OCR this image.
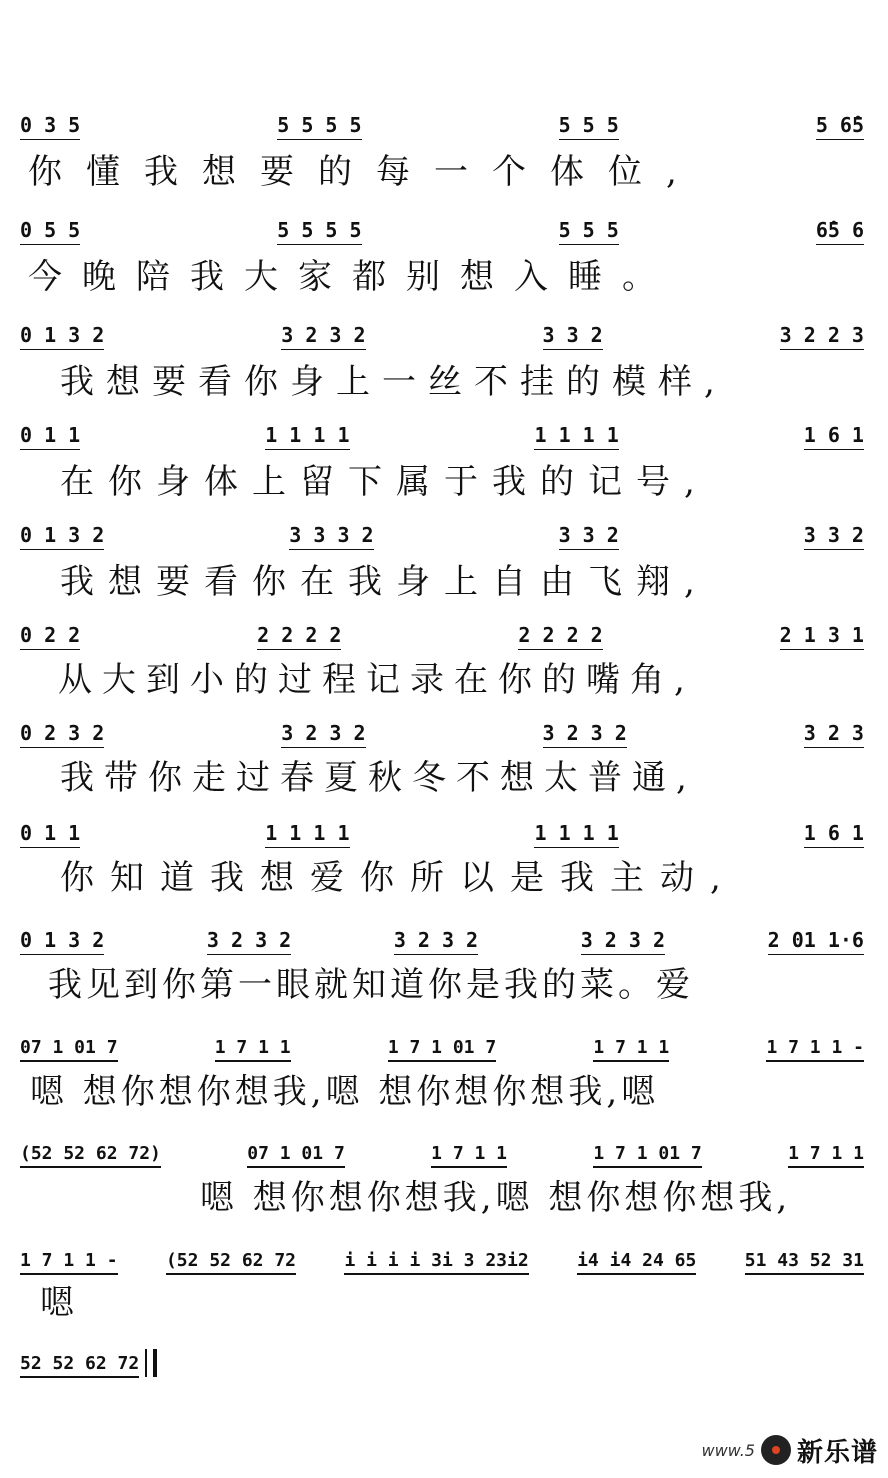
0 3 5	5 5 5 5	5 5 5	5 6̂5
你懂我想要的每一个体位,
0 5 5	5 5 5 5	5 5 5	6̂5 6
今晚陪我大家都别想入睡。
0 1 3 2	3 2 3 2	3 3 2	3 2 2 3
我想要看你身上一丝不挂的模样,
0 1 1	1 1 1 1	1 1 1 1	1 6 1
在你身体上留下属于我的记号,
0 1 3 2	3 3 3 2	3 3 2	3 3 2
我想要看你在我身上自由飞翔,
0 2 2	2 2 2 2	2 2 2 2	2 1 3 1
从大到小的过程记录在你的嘴角,
0 2 3 2	3 2 3 2	3 2 3 2	3 2 3
我带你走过春夏秋冬不想太普通,
0 1 1	1 1 1 1	1 1 1 1	1 6 1
你知道我想爱你所以是我主动,
0 1 3 2	3 2 3 2	3 2 3 2	3 2 3 2	2 01 1·6
我见到你第一眼就知道你是我的菜。爱
07 1 01 7	1 7 1 1	1 7 1 01 7	1 7 1 1	1 7 1 1 -
嗯 想你想你想我,嗯 想你想你想我,嗯
(52 52 62 72)	07 1 01 7	1 7 1 1	1 7 1 01 7	1 7 1 1
嗯 想你想你想我,嗯 想你想你想我,
1 7 1 1 -	(52 52 62 72	i i i i 3i 3 23i2	i4 i4 24 65	51 43 52 31
嗯
52 52 62 72
www.5 新乐谱
